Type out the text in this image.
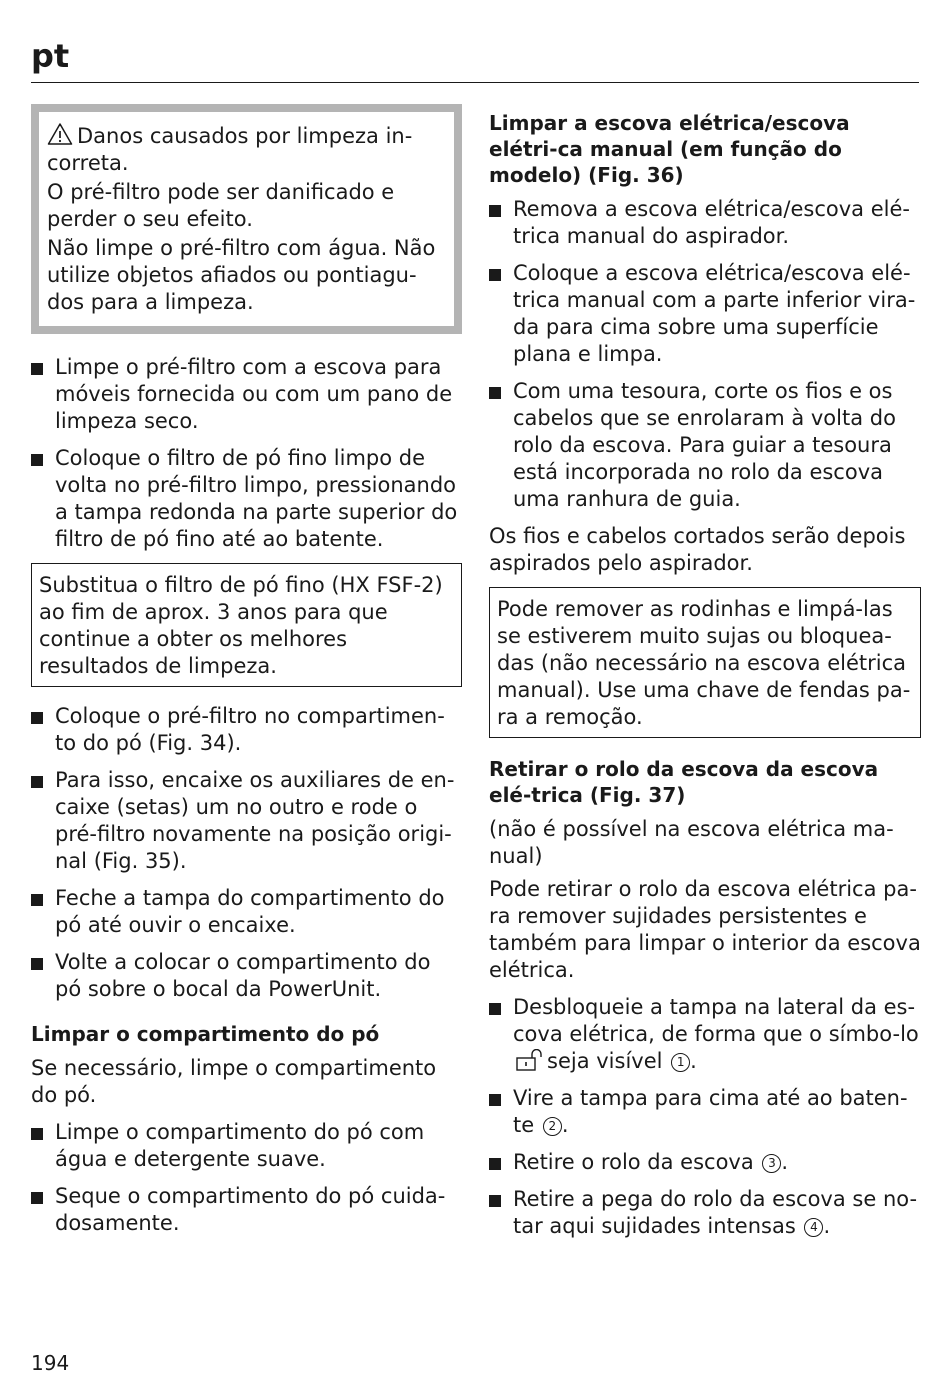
pt

Danos causados por limpeza in-correta.

O pré-filtro pode ser danificado e perder o seu efeito.

Não limpe o pré-filtro com água. Não utilize objetos afiados ou pontiagu-dos para a limpeza.

Limpe o pré-filtro com a escova para móveis fornecida ou com um pano de limpeza seco.
Coloque o filtro de pó fino limpo de volta no pré-filtro limpo, pressionando a tampa redonda na parte superior do filtro de pó fino até ao batente.
Substitua o filtro de pó fino (HX FSF-2) ao fim de aprox. 3 anos para que continue a obter os melhores resultados de limpeza.
Coloque o pré-filtro no compartimen-to do pó (Fig. 34).
Para isso, encaixe os auxiliares de en-caixe (setas) um no outro e rode o pré-filtro novamente na posição origi-nal (Fig. 35).
Feche a tampa do compartimento do pó até ouvir o encaixe.
Volte a colocar o compartimento do pó sobre o bocal da PowerUnit.
Limpar o compartimento do pó

Se necessário, limpe o compartimento do pó.

Limpe o compartimento do pó com água e detergente suave.
Seque o compartimento do pó cuida-dosamente.
Limpar a escova elétrica/escova elétri-ca manual (em função do modelo) (Fig. 36)
Remova a escova elétrica/escova elé-trica manual do aspirador.
Coloque a escova elétrica/escova elé-trica manual com a parte inferior vira-da para cima sobre uma superfície plana e limpa.
Com uma tesoura, corte os fios e os cabelos que se enrolaram à volta do rolo da escova. Para guiar a tesoura está incorporada no rolo da escova uma ranhura de guia.

Os fios e cabelos cortados serão depois aspirados pelo aspirador.

Pode remover as rodinhas e limpá-las se estiverem muito sujas ou bloquea-das (não necessário na escova elétrica manual). Use uma chave de fendas pa-ra a remoção.
Retirar o rolo da escova da escova elé-trica (Fig. 37)

(não é possível na escova elétrica ma-nual)

Pode retirar o rolo da escova elétrica pa-ra remover sujidades persistentes e também para limpar o interior da escova elétrica.

Desbloqueie a tampa na lateral da es-cova elétrica, de forma que o símbo-lo seja visível 1 .
Vire a tampa para cima até ao baten-te 2 .
Retire o rolo da escova 3 .
Retire a pega do rolo da escova se no-tar aqui sujidades intensas 4 .
194
